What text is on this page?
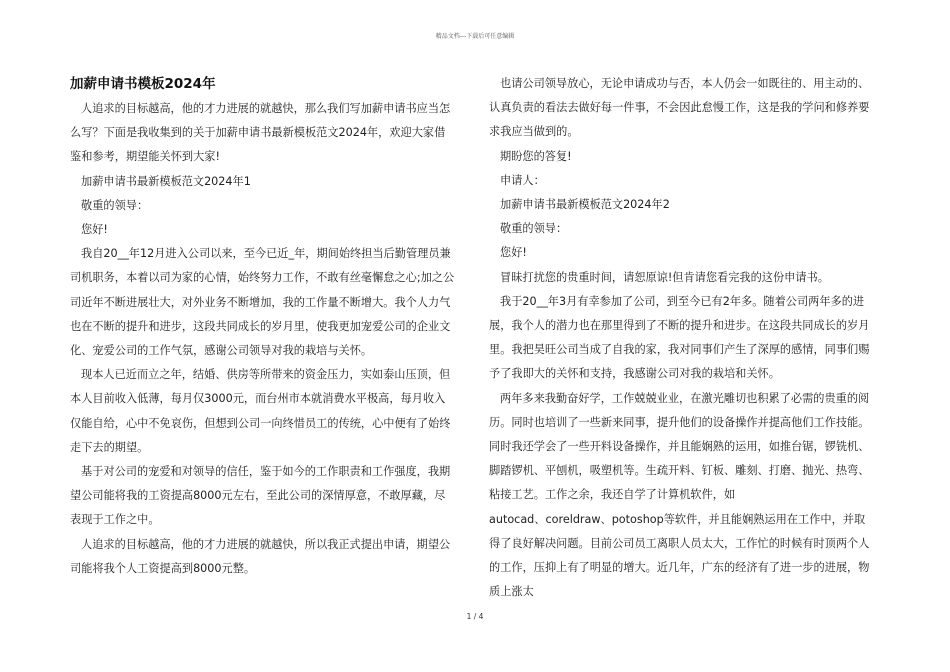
精品文档---下载后可任意编辑
加薪申请书模板2024年

人追求的目标越高，他的才力进展的就越快，那么我们写加薪申请书应当怎么写？下面是我收集到的关于加薪申请书最新模板范文2024年，欢迎大家借鉴和参考，期望能关怀到大家!

加薪申请书最新模板范文2024年1

敬重的领导：

您好!

我自20__年12月进入公司以来，至今已近_年，期间始终担当后勤管理员兼司机职务，本着以司为家的心情，始终努力工作，不敢有丝毫懈怠之心;加之公司近年不断进展壮大，对外业务不断增加，我的工作量不断增大。我个人力气也在不断的提升和进步，这段共同成长的岁月里，使我更加宠爱公司的企业文化、宠爱公司的工作气氛，感谢公司领导对我的栽培与关怀。

现本人已近而立之年，结婚、供房等所带来的资金压力，实如泰山压顶，但本人目前收入低薄，每月仅3000元，而台州市本就消费水平极高，每月收入仅能自给，心中不免哀伤，但想到公司一向终惜员工的传统，心中便有了始终走下去的期望。

基于对公司的宠爱和对领导的信任，鉴于如今的工作职责和工作强度，我期望公司能将我的工资提高8000元左右，至此公司的深情厚意，不敢厚藏，尽表现于工作之中。

人追求的目标越高，他的才力进展的就越快，所以我正式提出申请，期望公司能将我个人工资提高到8000元整。

也请公司领导放心，无论申请成功与否，本人仍会一如既往的、用主动的、认真负责的看法去做好每一件事，不会因此怠慢工作，这是我的学问和修养要求我应当做到的。

期盼您的答复!

申请人：

加薪申请书最新模板范文2024年2

敬重的领导：

您好!

冒昧打扰您的贵重时间，请恕原谅!但肯请您看完我的这份申请书。

我于20__年3月有幸参加了公司，到至今已有2年多。随着公司两年多的进展，我个人的潜力也在那里得到了不断的提升和进步。在这段共同成长的岁月里。我把昊旺公司当成了自我的家，我对同事们产生了深厚的感情，同事们赐予了我即大的关怀和支持，我感谢公司对我的栽培和关怀。

两年多来我勤奋好学，工作兢兢业业，在激光雕切也积累了必需的贵重的阅历。同时也培训了一些新来同事，提升他们的设备操作并提高他们工作技能。同时我还学会了一些开料设备操作，并且能娴熟的运用，如推台锯，锣铣机、脚踏锣机、平刨机，吸塑机等。生疏开料、钉板、雕刻、打磨、抛光、热弯、粘接工艺。工作之余，我还自学了计算机软件，如

autocad、coreldraw、potoshop等软件，并且能娴熟运用在工作中，并取得了良好解决问题。目前公司员工离职人员太大，工作忙的时候有时顶两个人的工作，压抑上有了明显的增大。近几年，广东的经济有了进一步的进展，物质上涨太

1 / 4
